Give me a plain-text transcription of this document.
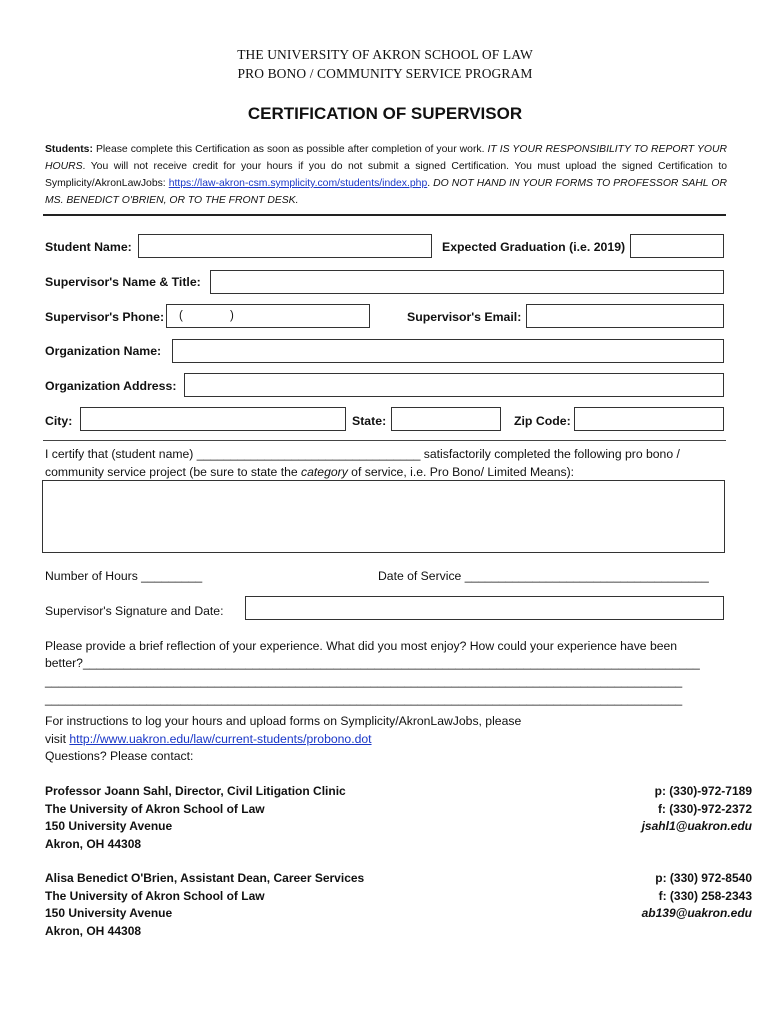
THE UNIVERSITY OF AKRON SCHOOL OF LAW
PRO BONO / COMMUNITY SERVICE PROGRAM
CERTIFICATION OF SUPERVISOR
Students: Please complete this Certification as soon as possible after completion of your work. IT IS YOUR RESPONSIBILITY TO REPORT YOUR HOURS. You will not receive credit for your hours if you do not submit a signed Certification. You must upload the signed Certification to Symplicity/AkronLawJobs: https://law-akron-csm.symplicity.com/students/index.php. DO NOT HAND IN YOUR FORMS TO PROFESSOR SAHL OR MS. BENEDICT O'BRIEN, OR TO THE FRONT DESK.
Student Name:	Expected Graduation (i.e. 2019)
Supervisor's Name & Title:
Supervisor's Phone: (	)	Supervisor's Email:
Organization Name:
Organization Address:
City:	State:	Zip Code:
I certify that (student name) _________________________________ satisfactorily completed the following pro bono /
community service project (be sure to state the category of service, i.e. Pro Bono/ Limited Means):
Number of Hours _________	Date of Service ____________________________________
Supervisor's Signature and Date:
Please provide a brief reflection of your experience. What did you most enjoy? How could your experience have been
better?___________________________________________________________________________________________
______________________________________________________________________________________________
______________________________________________________________________________________________
For instructions to log your hours and upload forms on Symplicity/AkronLawJobs, please
visit http://www.uakron.edu/law/current-students/probono.dot
Questions? Please contact:
Professor Joann Sahl, Director, Civil Litigation Clinic
The University of Akron School of Law
150 University Avenue
Akron, OH 44308
p: (330)-972-7189
f: (330)-972-2372
jsahl1@uakron.edu
Alisa Benedict O'Brien, Assistant Dean, Career Services
The University of Akron School of Law
150 University Avenue
Akron, OH 44308
p: (330) 972-8540
f: (330) 258-2343
ab139@uakron.edu
